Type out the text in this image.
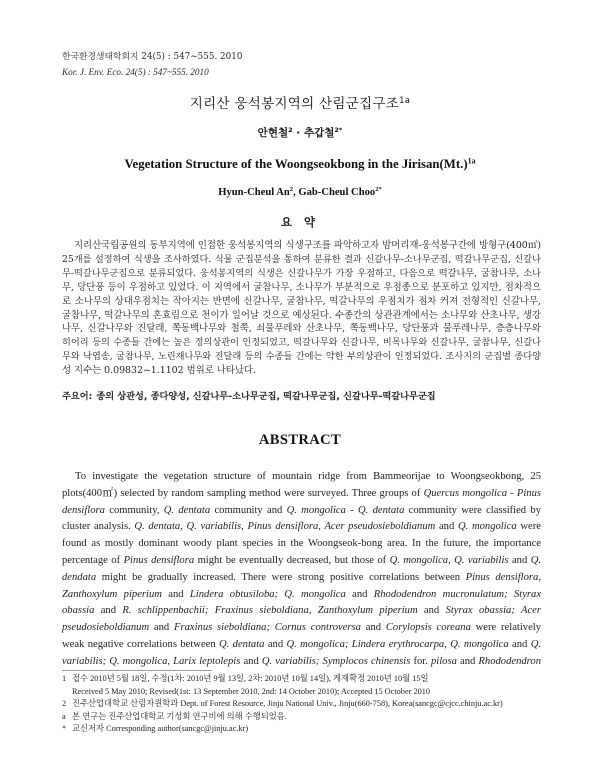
한국환경생태학회지 24(5) : 547~555. 2010
Kor. J. Env. Eco. 24(5) : 547~555. 2010
지리산 웅석봉지역의 산림군집구조$^{1a}$
안현철$^2$ · 추갑철$^{2*}$
Vegetation Structure of the Woongseokbong in the $Jirisan(Mt.)^{1a}$
Hyun-Cheul An$^2$, Gab-Cheul Choo$^{2*}$
요 약
지리산국립공원의 동부지역에 인접한 웅석봉지역의 식생구조를 파악하고자 밤머리재-웅석봉구간에 방형구(400㎡)
25개를 설정하여 식생을 조사하였다. 식물 군집분석을 통하여 분류한 결과 신갈나무-소나무군집, 떡갈나무군집, 신갈나
무-떡갈나무군집으로 분류되었다. 웅석봉지역의 식생은 신갈나무가 가장 우점하고, 다음으로 떡갈나무, 굴참나무, 소나
무, 당단풍 등이 우점하고 있었다. 이 지역에서 굴참나무, 소나무가 부분적으로 우점종으로 분포하고 있지만, 점차적으
로 소나무의 상대우점치는 작아지는 반면에 신갈나무, 굴참나무, 떡갈나무의 우점치가 점차 커져 전형적인 신갈나무,
굴참나무, 떡갈나무의 혼효림으로 천이가 일어날 것으로 예상된다. 수종간의 상관관계에서는 소나무와 산초나무, 생강
나무, 신갈나무와 진달래, 쪽동백나무와 철쭉, 쇠물푸레와 산초나무, 쪽동백나무, 당단풍과 물푸레나무, 층층나무와
히어리 등의 수종들 간에는 높은 정의상관이 인정되었고, 떡갈나무와 신갈나무, 비목나무와 신갈나무, 굴참나무, 신갈나
무와 낙엽송, 굴참나무, 노린재나무와 진달래 등의 수종들 간에는 약한 부의상관이 인정되었다. 조사지의 군집별 종다양
성 지수는 0.09832~1.1102 범위로 나타났다.
주요어: 종의 상관성, 종다양성, 신갈나무-소나무군집, 떡갈나무군집, 신갈나무-떡갈나무군집
ABSTRACT
To investigate the vegetation structure of mountain ridge from Bammeorijae to Woongseokbong, 25
plots(400㎡) selected by random sampling method were surveyed. Three groups of Quercus mongolica - Pinus
densiflora community, Q. dentata community and Q. mongolica - Q. dentata community were classified by
cluster analysis. Q. dentata, Q. variabilis, Pinus densiflora, Acer pseudosieboldianum and Q. mongolica were
found as mostly dominant woody plant species in the Woongseok-bong area. In the future, the importance
percentage of Pinus densiflora might be eventually decreased, but those of Q. mongolica, Q. variabilis and Q.
dendata might be gradually increased. There were strong positive correlations between Pinus densiflora,
Zanthoxylum piperium and Lindera obtusiloba; Q. mongolica and Rhododendron mucronulatum; Styrax
obassia and R. schlippenbachii; Fraxinus sieboldiana, Zanthoxylum piperium and Styrax obassia; Acer
pseudosieboldianum and Fraxinus sieboldiana; Cornus controversa and Corylopsis coreana were relatively
weak negative correlations between Q. dentata and Q. mongolica; Lindera erythrocarpa, Q. mongolica and Q.
variabilis; Q. mongolica, Larix leptolepis and Q. variabilis; Symplocos chinensis for. pilosa and Rhododendron
1 접수 2010년 5월 18일, 수정(1차: 2010년 9월 13일, 2차: 2010년 10월 14일), 게재확정 2010년 10월 15일
Received 5 May 2010; Revised(1st: 13 September 2010, 2nd: 14 October 2010); Accepted 15 October 2010
2 진주산업대학교 산림자원학과 Dept. of Forest Resource, Jinju National Univ., Jinju(660-758), Korea(sancgc@cjcc.chinju.ac.kr)
a 본 연구는 진주산업대학교 기성회 연구비에 의해 수행되었음.
* 교신저자 Corresponding author(sancgc@jinju.ac.kr)
